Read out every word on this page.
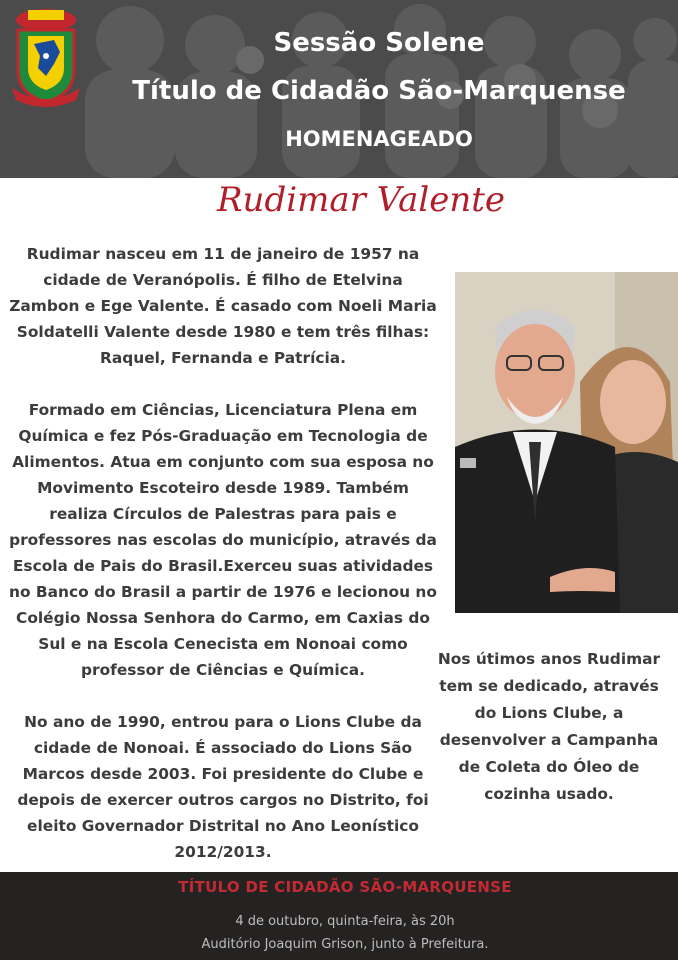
Sessão Solene
Título de Cidadão São-Marquense
HOMENAGEADO
Rudimar Valente

Rudimar nasceu em 11 de janeiro de 1957 na cidade de Veranópolis. É filho de Etelvina Zambon e Ege Valente. É casado com Noeli Maria Soldatelli Valente desde 1980 e tem três filhas: Raquel, Fernanda e Patrícia.

Formado em Ciências, Licenciatura Plena em Química e fez Pós-Graduação em Tecnologia de Alimentos. Atua em conjunto com sua esposa no Movimento Escoteiro desde 1989. Também realiza Círculos de Palestras para pais e professores nas escolas do município, através da Escola de Pais do Brasil.Exerceu suas atividades no Banco do Brasil a partir de 1976 e lecionou no Colégio Nossa Senhora do Carmo, em Caxias do Sul e na Escola Cenecista em Nonoai como professor de Ciências e Química.

No ano de 1990, entrou para o Lions Clube da cidade de Nonoai. É associado do Lions São Marcos desde 2003. Foi presidente do Clube e depois de exercer outros cargos no Distrito, foi eleito Governador Distrital no Ano Leonístico 2012/2013.

Nos útimos anos Rudimar tem se dedicado, através do Lions Clube, a desenvolver a Campanha de Coleta do Óleo de cozinha usado.

TÍTULO DE CIDADÃO SÃO-MARQUENSE
4 de outubro, quinta-feira, às 20h
Auditório Joaquim Grison, junto à Prefeitura.
